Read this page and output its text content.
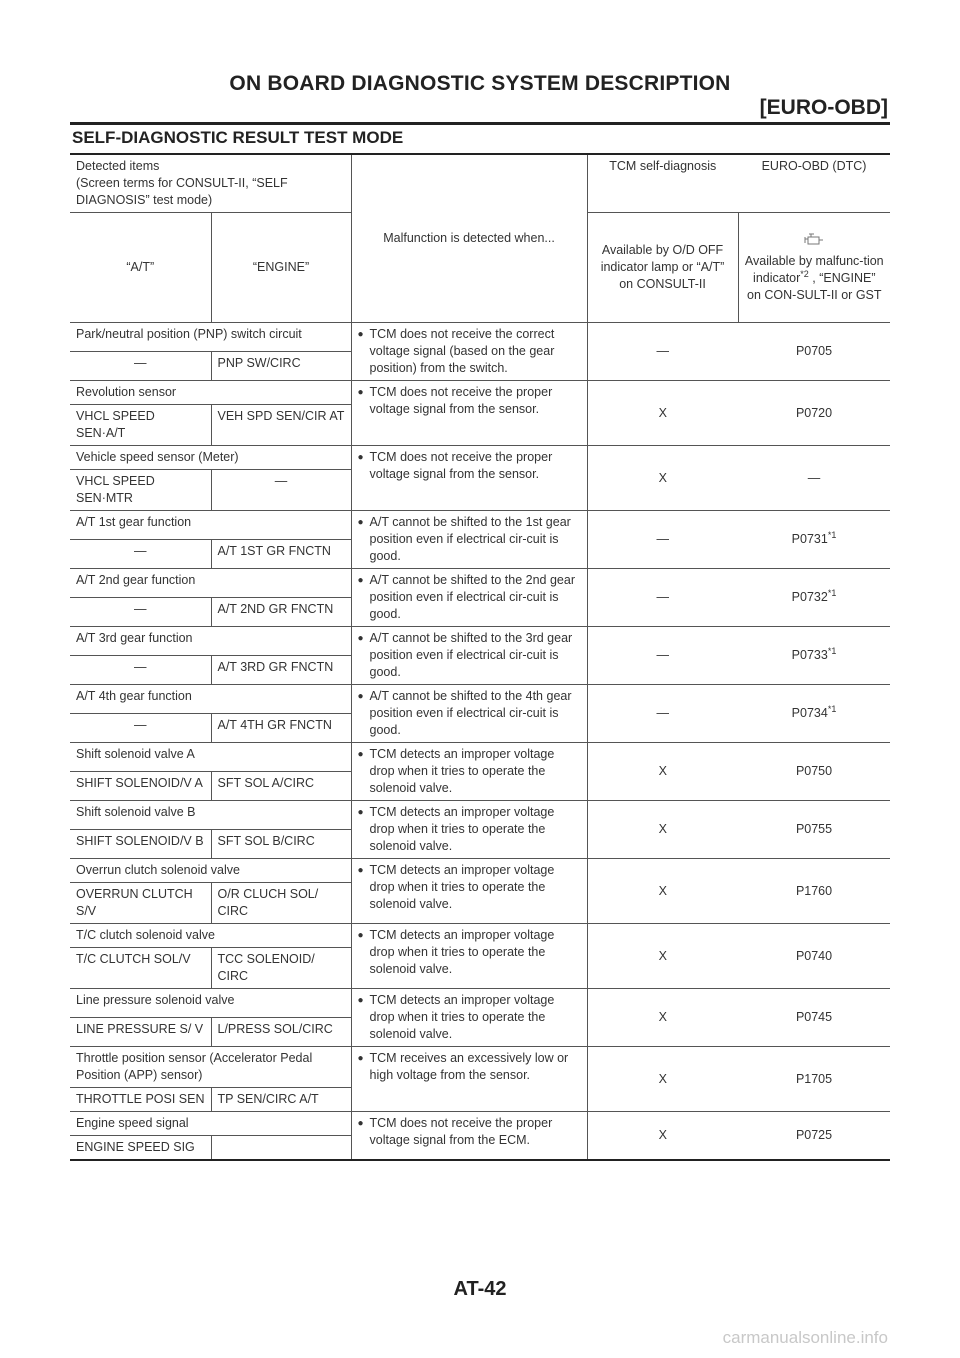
ON BOARD DIAGNOSTIC SYSTEM DESCRIPTION
[EURO-OBD]
SELF-DIAGNOSTIC RESULT TEST MODE
Detected items
(Screen terms for CONSULT-II, “SELF DIAGNOSIS” test mode)		Malfunction is detected when...	TCM self-diagnosis	EURO-OBD (DTC)
“A/T”	“ENGINE”		Available by O/D OFF indicator lamp or “A/T” on CONSULT-II	Available by malfunc-tion indicator$^{*2}$ , “ENGINE” on CON-SULT-II or GST
Park/neutral position (PNP) switch circuit		● TCM does not receive the correct voltage signal (based on the gear position) from the switch.	—	P0705
—	PNP SW/CIRC			
Revolution sensor		● TCM does not receive the proper voltage signal from the sensor.	X	P0720
VHCL SPEED SEN·A/T	VEH SPD SEN/CIR AT			
Vehicle speed sensor (Meter)		● TCM does not receive the proper voltage signal from the sensor.	X	—
VHCL SPEED SEN·MTR	—			
A/T 1st gear function		● A/T cannot be shifted to the 1st gear position even if electrical cir-cuit is good.	—	P0731$^{*1}$
—	A/T 1ST GR FNCTN			
A/T 2nd gear function		● A/T cannot be shifted to the 2nd gear position even if electrical cir-cuit is good.	—	P0732$^{*1}$
—	A/T 2ND GR FNCTN			
A/T 3rd gear function		● A/T cannot be shifted to the 3rd gear position even if electrical cir-cuit is good.	—	P0733$^{*1}$
—	A/T 3RD GR FNCTN			
A/T 4th gear function		● A/T cannot be shifted to the 4th gear position even if electrical cir-cuit is good.	—	P0734$^{*1}$
—	A/T 4TH GR FNCTN			
Shift solenoid valve A		● TCM detects an improper voltage drop when it tries to operate the solenoid valve.	X	P0750
SHIFT SOLENOID/V A	SFT SOL A/CIRC			
Shift solenoid valve B		● TCM detects an improper voltage drop when it tries to operate the solenoid valve.	X	P0755
SHIFT SOLENOID/V B	SFT SOL B/CIRC			
Overrun clutch solenoid valve		● TCM detects an improper voltage drop when it tries to operate the solenoid valve.	X	P1760
OVERRUN CLUTCH S/V	O/R CLUCH SOL/ CIRC			
T/C clutch solenoid valve		● TCM detects an improper voltage drop when it tries to operate the solenoid valve.	X	P0740
T/C CLUTCH SOL/V	TCC SOLENOID/ CIRC			
Line pressure solenoid valve		● TCM detects an improper voltage drop when it tries to operate the solenoid valve.	X	P0745
LINE PRESSURE S/ V	L/PRESS SOL/CIRC			
Throttle position sensor (Accelerator Pedal Position (APP) sensor)		● TCM receives an excessively low or high voltage from the sensor.	X	P1705
THROTTLE POSI SEN	TP SEN/CIRC A/T			
Engine speed signal		● TCM does not receive the proper voltage signal from the ECM.	X	P0725
ENGINE SPEED SIG				
AT-42
carmanualsonline.info
